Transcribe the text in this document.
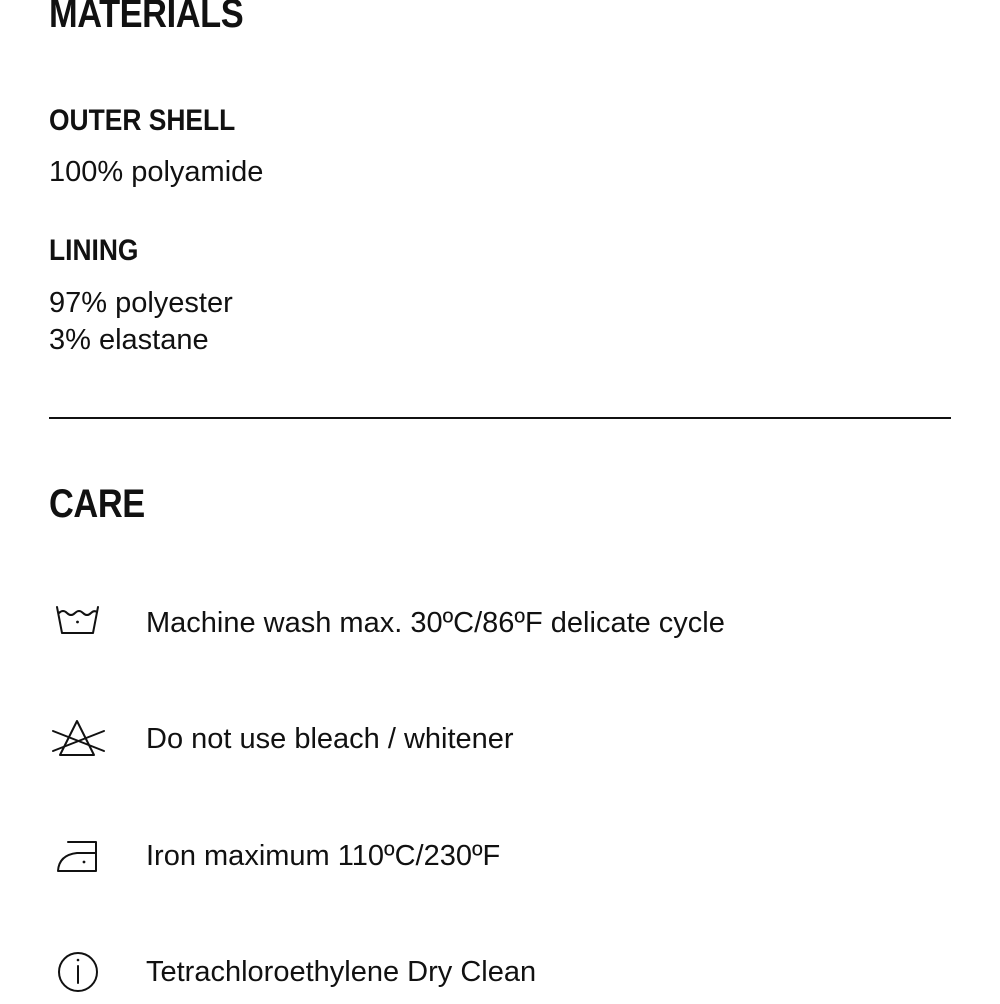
MATERIALS
OUTER SHELL

100% polyamide

LINING

97% polyester

3% elastane

CARE
Machine wash max. 30ºC/86ºF delicate cycle
Do not use bleach / whitener
Iron maximum 110ºC/230ºF
Tetrachloroethylene Dry Clean
